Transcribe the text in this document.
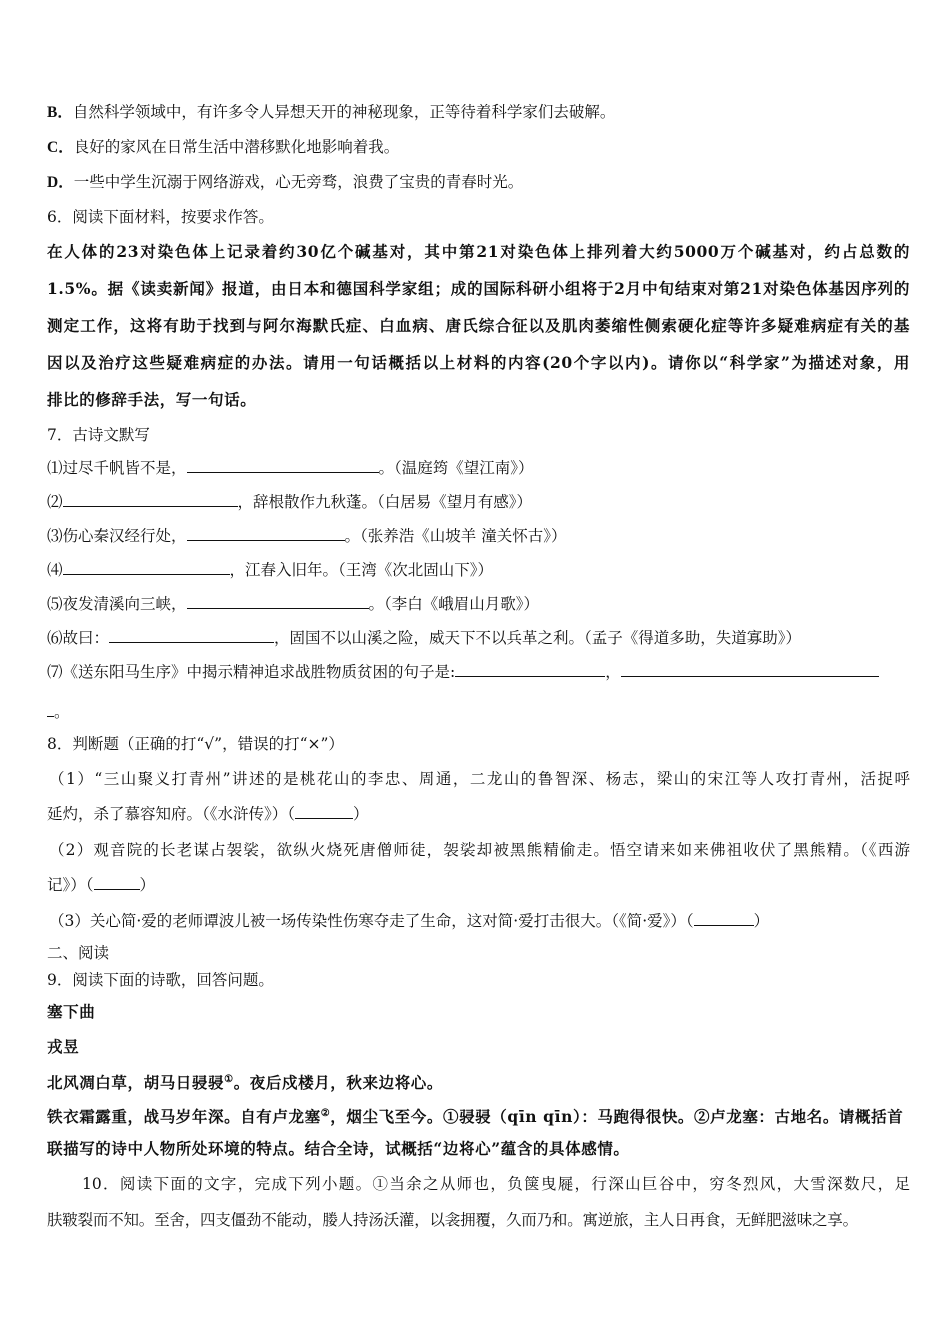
B．自然科学领域中，有许多令人异想天开的神秘现象，正等待着科学家们去破解。
C．良好的家风在日常生活中潜移默化地影响着我。
D．一些中学生沉溺于网络游戏，心无旁骛，浪费了宝贵的青春时光。
6．阅读下面材料，按要求作答。
在人体的23对染色体上记录着约30亿个碱基对，其中第21对染色体上排列着大约5000万个碱基对，约占总数的
1.5%。据《读卖新闻》报道，由日本和德国科学家组；成的国际科研小组将于2月中旬结束对第21对染色体基因序列的
测定工作，这将有助于找到与阿尔海默氏症、白血病、唐氏综合征以及肌肉萎缩性侧索硬化症等许多疑难病症有关的基
因以及治疗这些疑难病症的办法。请用一句话概括以上材料的内容(20个字以内)。请你以“科学家”为描述对象，用
排比的修辞手法，写一句话。
7．古诗文默写
⑴过尽千帆皆不是，	。（温庭筠《望江南》）
⑵	，辞根散作九秋蓬。（白居易《望月有感》）
⑶伤心秦汉经行处，	。（张养浩《山坡羊 潼关怀古》）
⑷	，江春入旧年。（王湾《次北固山下》）
⑸夜发清溪向三峡，	。（李白《峨眉山月歌》）
⑹故曰：	，固国不以山溪之险，威天下不以兵革之利。（孟子《得道多助，失道寡助》）
⑺《送东阳马生序》中揭示精神追求战胜物质贫困的句子是:	，
。
8．判断题（正确的打“√”，错误的打“×”）
（1）“三山聚义打青州”讲述的是桃花山的李忠、周通，二龙山的鲁智深、杨志，梁山的宋江等人攻打青州，活捉呼
延灼，杀了慕容知府。（《水浒传》）（	）
（2）观音院的长老谋占袈裟，欲纵火烧死唐僧师徒，袈裟却被黑熊精偷走。悟空请来如来佛祖收伏了黑熊精。（《西游
记》）（	）
（3）关心简·爱的老师谭波儿被一场传染性伤寒夺走了生命，这对简·爱打击很大。（《简·爱》）（	）
二、阅读
9．阅读下面的诗歌，回答问题。
塞下曲
戎昱
北风凋白草，胡马日骎骎①。夜后戍楼月，秋来边将心。
铁衣霜露重，战马岁年深。自有卢龙塞②，烟尘飞至今。①骎骎（qīn qīn）：马跑得很快。②卢龙塞：古地名。请概括首
联描写的诗中人物所处环境的特点。结合全诗，试概括“边将心”蕴含的具体感情。
10．阅读下面的文字，完成下列小题。①当余之从师也，负箧曳屣，行深山巨谷中，穷冬烈风，大雪深数尺，足
肤皲裂而不知。至舍，四支僵劲不能动，媵人持汤沃灌，以衾拥覆，久而乃和。寓逆旅，主人日再食，无鲜肥滋味之享。
